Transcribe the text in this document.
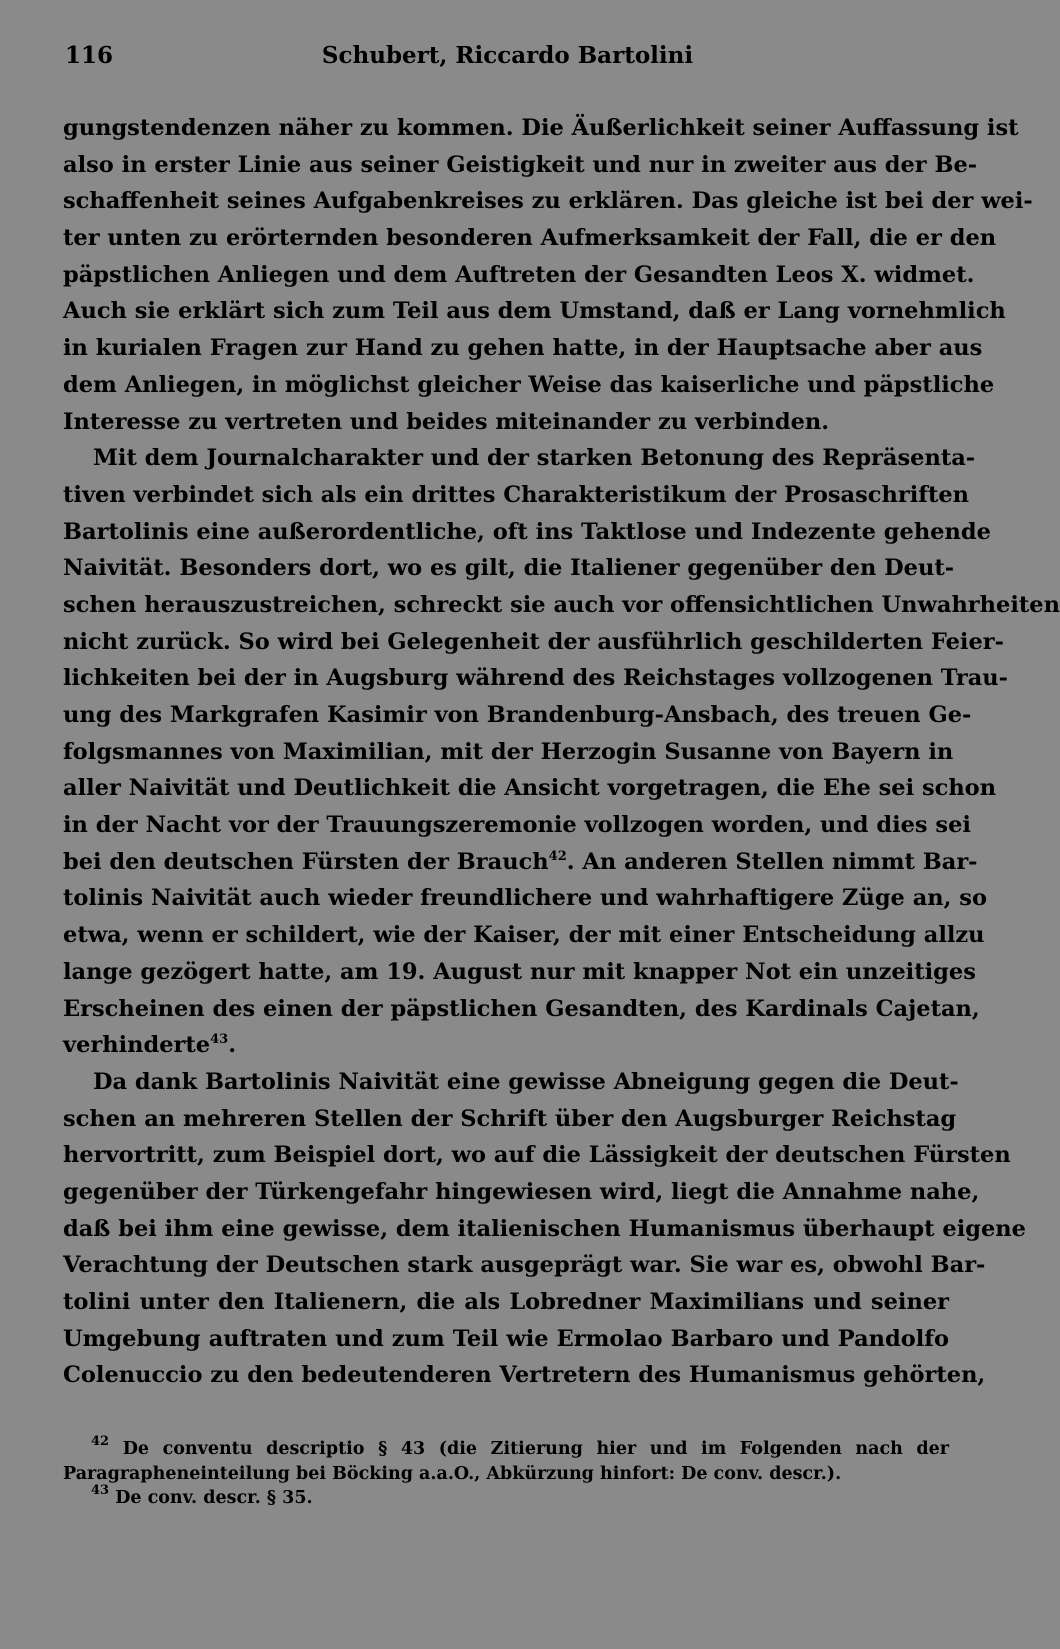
116	Schubert, Riccardo Bartolini
gungstendenzen näher zu kommen. Die Äußerlichkeit seiner Auffassung ist
also in erster Linie aus seiner Geistigkeit und nur in zweiter aus der Be-
schaffenheit seines Aufgabenkreises zu erklären. Das gleiche ist bei der wei-
ter unten zu erörternden besonderen Aufmerksamkeit der Fall, die er den
päpstlichen Anliegen und dem Auftreten der Gesandten Leos X. widmet.
Auch sie erklärt sich zum Teil aus dem Umstand, daß er Lang vornehmlich
in kurialen Fragen zur Hand zu gehen hatte, in der Hauptsache aber aus
dem Anliegen, in möglichst gleicher Weise das kaiserliche und päpstliche
Interesse zu vertreten und beides miteinander zu verbinden.
Mit dem Journalcharakter und der starken Betonung des Repräsenta-
tiven verbindet sich als ein drittes Charakteristikum der Prosaschriften
Bartolinis eine außerordentliche, oft ins Taktlose und Indezente gehende
Naivität. Besonders dort, wo es gilt, die Italiener gegenüber den Deut-
schen herauszustreichen, schreckt sie auch vor offensichtlichen Unwahrheiten
nicht zurück. So wird bei Gelegenheit der ausführlich geschilderten Feier-
lichkeiten bei der in Augsburg während des Reichstages vollzogenen Trau-
ung des Markgrafen Kasimir von Brandenburg-Ansbach, des treuen Ge-
folgsmannes von Maximilian, mit der Herzogin Susanne von Bayern in
aller Naivität und Deutlichkeit die Ansicht vorgetragen, die Ehe sei schon
in der Nacht vor der Trauungszeremonie vollzogen worden, und dies sei
bei den deutschen Fürsten der Brauch$^{42}$. An anderen Stellen nimmt Bar-
tolinis Naivität auch wieder freundlichere und wahrhaftigere Züge an, so
etwa, wenn er schildert, wie der Kaiser, der mit einer Entscheidung allzu
lange gezögert hatte, am 19. August nur mit knapper Not ein unzeitiges
Erscheinen des einen der päpstlichen Gesandten, des Kardinals Cajetan,
verhinderte$^{43}$.
Da dank Bartolinis Naivität eine gewisse Abneigung gegen die Deut-
schen an mehreren Stellen der Schrift über den Augsburger Reichstag
hervortritt, zum Beispiel dort, wo auf die Lässigkeit der deutschen Fürsten
gegenüber der Türkengefahr hingewiesen wird, liegt die Annahme nahe,
daß bei ihm eine gewisse, dem italienischen Humanismus überhaupt eigene
Verachtung der Deutschen stark ausgeprägt war. Sie war es, obwohl Bar-
tolini unter den Italienern, die als Lobredner Maximilians und seiner
Umgebung auftraten und zum Teil wie Ermolao Barbaro und Pandolfo
Colenuccio zu den bedeutenderen Vertretern des Humanismus gehörten,
$^{42}$ De conventu descriptio § 43 (die Zitierung hier und im Folgenden nach der
Paragrapheneinteilung bei Böcking a.a.O., Abkürzung hinfort: De conv. descr.).
$^{43}$ De conv. descr. § 35.
